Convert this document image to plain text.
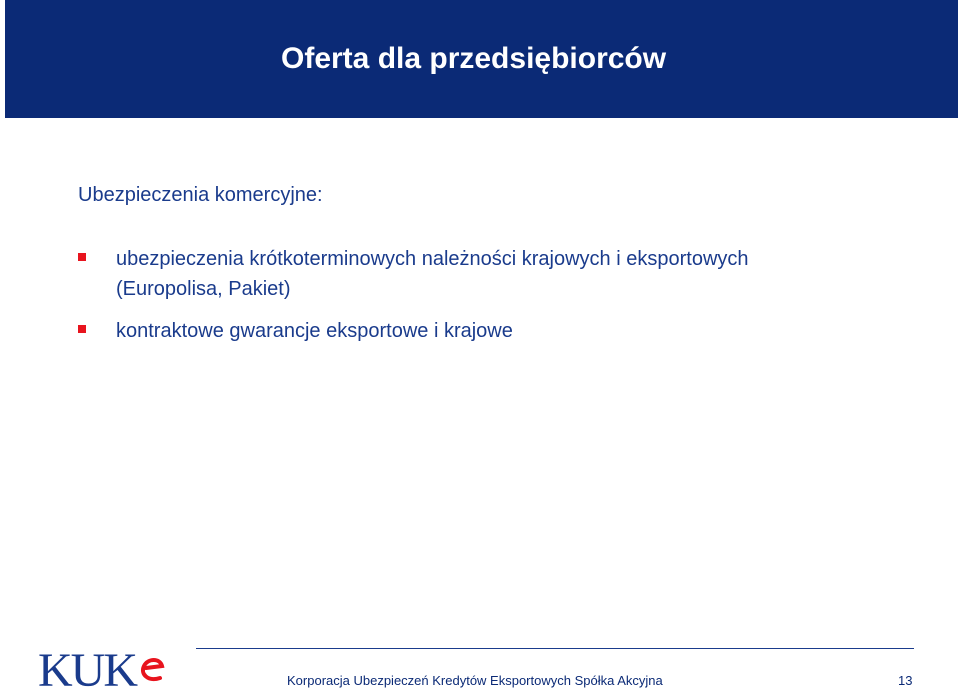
Oferta dla przedsiębiorców
Ubezpieczenia komercyjne:
ubezpieczenia krótkoterminowych należności krajowych i eksportowych
(Europolisa, Pakiet)
kontraktowe gwarancje eksportowe i krajowe
KUK	Korporacja Ubezpieczeń Kredytów Eksportowych Spółka Akcyjna	13
